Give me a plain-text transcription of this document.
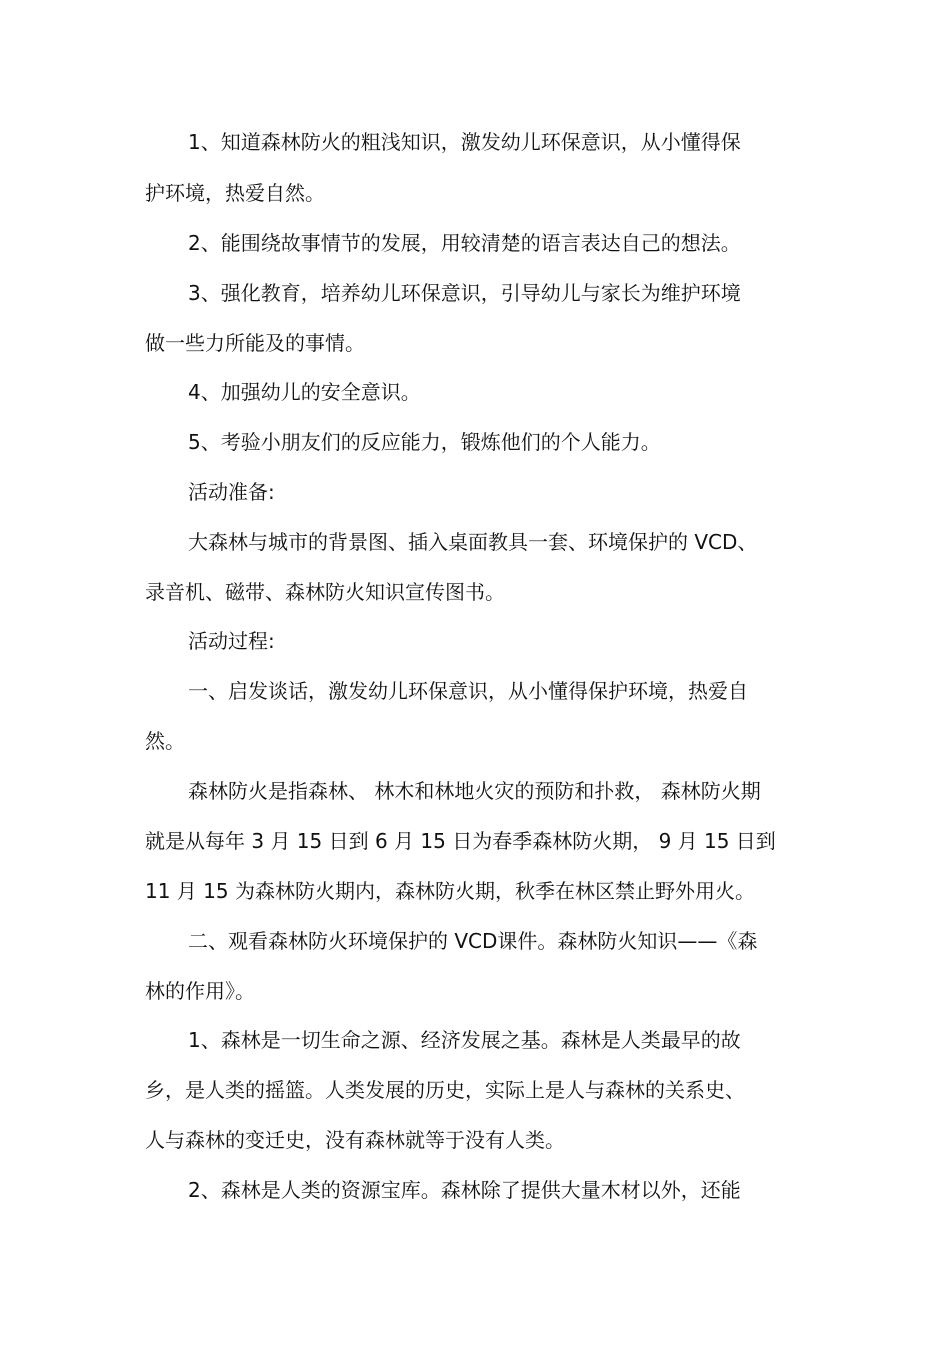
1、知道森林防火的粗浅知识，激发幼儿环保意识，从小懂得保
护环境，热爱自然。
2、能围绕故事情节的发展，用较清楚的语言表达自己的想法。
3、强化教育，培养幼儿环保意识，引导幼儿与家长为维护环境
做一些力所能及的事情。
4、加强幼儿的安全意识。
5、考验小朋友们的反应能力，锻炼他们的个人能力。
活动准备:
大森林与城市的背景图、插入桌面教具一套、环境保护的 VCD、
录音机、磁带、森林防火知识宣传图书。
活动过程:
一、启发谈话，激发幼儿环保意识，从小懂得保护环境，热爱自
然。
森林防火是指森林、 林木和林地火灾的预防和扑救， 森林防火期
就是从每年 3 月 15 日到 6 月 15 日为春季森林防火期， 9 月 15 日到
11 月 15 为森林防火期内，森林防火期，秋季在林区禁止野外用火。
二、观看森林防火环境保护的 VCD课件。森林防火知识——《森
林的作用》。
1、森林是一切生命之源、经济发展之基。森林是人类最早的故
乡，是人类的摇篮。人类发展的历史，实际上是人与森林的关系史、
人与森林的变迁史，没有森林就等于没有人类。
2、森林是人类的资源宝库。森林除了提供大量木材以外，还能
